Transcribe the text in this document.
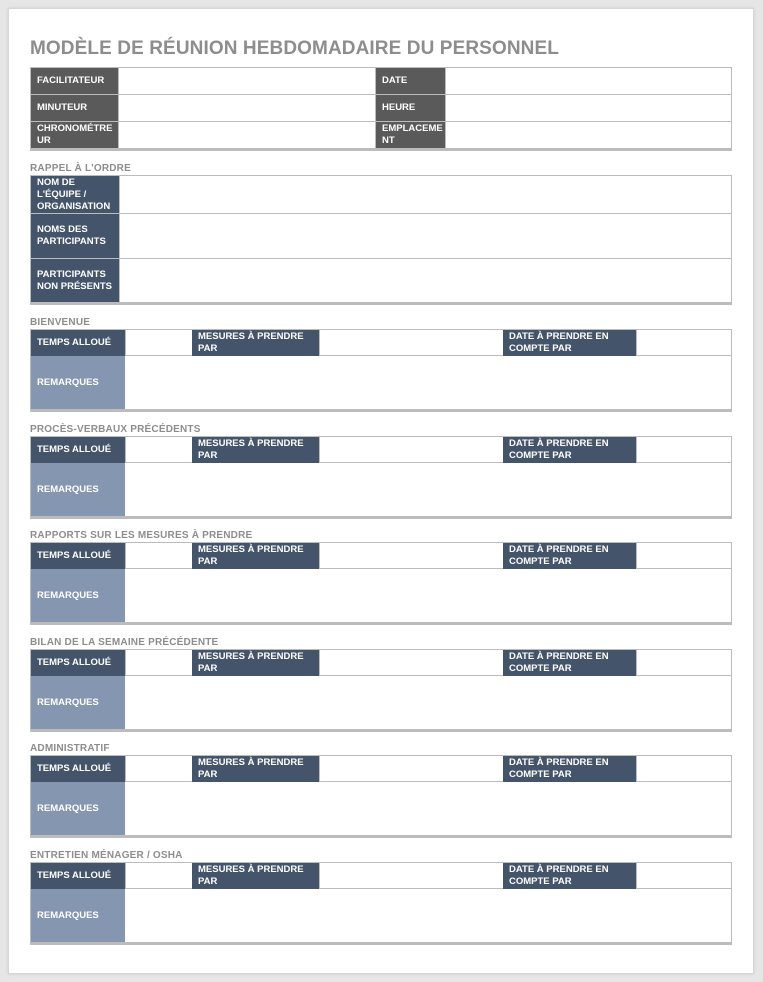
MODÈLE DE RÉUNION HEBDOMADAIRE DU PERSONNEL
FACILITATEUR	DATE
MINUTEUR	HEURE
CHRONOMÉTRE UR
EMPLACEME NT
RAPPEL À L'ORDRE
NOM DE L'ÉQUIPE / ORGANISATION
NOMS DES PARTICIPANTS
PARTICIPANTS NON PRÉSENTS
BIENVENUE
TEMPS ALLOUÉ
MESURES À PRENDRE PAR
DATE À PRENDRE EN COMPTE PAR
REMARQUES
PROCÈS-VERBAUX PRÉCÉDENTS
TEMPS ALLOUÉ
MESURES À PRENDRE PAR
DATE À PRENDRE EN COMPTE PAR
REMARQUES
RAPPORTS SUR LES MESURES À PRENDRE
TEMPS ALLOUÉ
MESURES À PRENDRE PAR
DATE À PRENDRE EN COMPTE PAR
REMARQUES
BILAN DE LA SEMAINE PRÉCÉDENTE
TEMPS ALLOUÉ
MESURES À PRENDRE PAR
DATE À PRENDRE EN COMPTE PAR
REMARQUES
ADMINISTRATIF
TEMPS ALLOUÉ
MESURES À PRENDRE PAR
DATE À PRENDRE EN COMPTE PAR
REMARQUES
ENTRETIEN MÉNAGER / OSHA
TEMPS ALLOUÉ
MESURES À PRENDRE PAR
DATE À PRENDRE EN COMPTE PAR
REMARQUES
